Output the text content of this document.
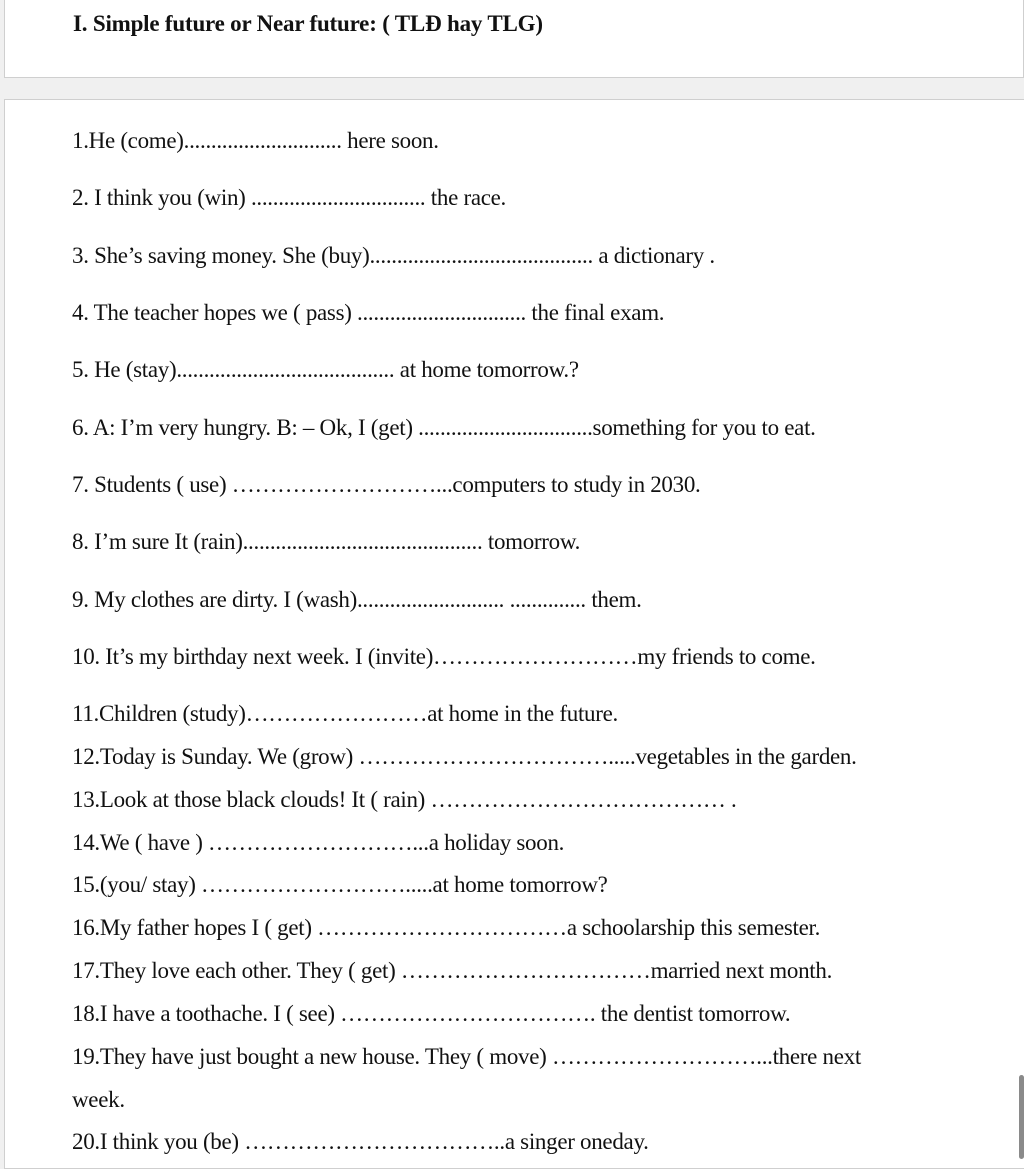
I. Simple future or Near future: ( TLĐ hay TLG)
1.He (come)............................. here soon.
2. I think you (win) ................................ the race.
3. She’s saving money. She (buy)......................................... a dictionary .
4. The teacher hopes we ( pass) ............................... the final exam.
5. He (stay)........................................ at home tomorrow.?
6. A: I’m very hungry. B: – Ok, I (get) ................................something for you to eat.
7. Students ( use) ………………………...computers to study in 2030.
8. I’m sure It (rain)............................................ tomorrow.
9. My clothes are dirty. I (wash)........................... .............. them.
10. It’s my birthday next week. I (invite)………………………my friends to come.
11.Children (study)……………………at home in the future.
12.Today is Sunday. We (grow) …………………………….....vegetables in the garden.
13.Look at those black clouds! It ( rain) ………………………………… .
14.We ( have ) ………………………...a holiday soon.
15.(you/ stay) ……………………….....at home tomorrow?
16.My father hopes I ( get) ……………………………a schoolarship this semester.
17.They love each other. They ( get) ……………………………married next month.
18.I have a toothache. I ( see) ……………………………. the dentist tomorrow.
19.They have just bought a new house. They ( move) ………………………...there next
week.
20.I think you (be) ……………………………..a singer oneday.
